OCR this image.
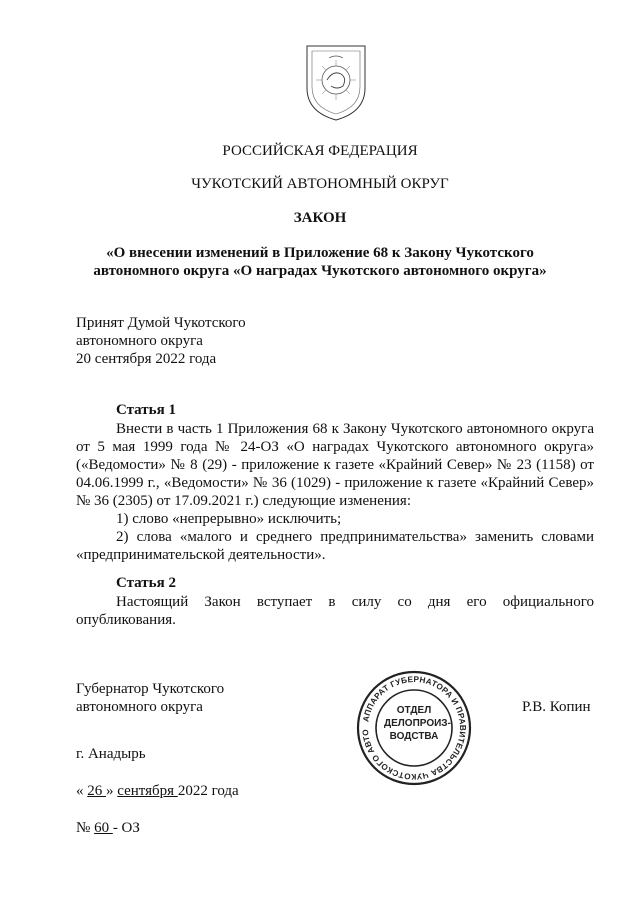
РОССИЙСКАЯ ФЕДЕРАЦИЯ
ЧУКОТСКИЙ АВТОНОМНЫЙ ОКРУГ
ЗАКОН
«О внесении изменений в Приложение 68 к Закону Чукотского
автономного округа «О наградах Чукотского автономного округа»
Принят Думой Чукотского
автономного округа
20 сентября 2022 года
Статья 1
Внести в часть 1 Приложения 68 к Закону Чукотского автономного округа от 5 мая 1999 года № 24-ОЗ «О наградах Чукотского автономного округа» («Ведомости» № 8 (29) - приложение к газете «Крайний Север» № 23 (1158) от 04.06.1999 г., «Ведомости» № 36 (1029) - приложение к газете «Крайний Север» № 36 (2305) от 17.09.2021 г.) следующие изменения:
1) слово «непрерывно» исключить;
2) слова «малого и среднего предпринимательства» заменить словами «предпринимательской деятельности».
Статья 2
Настоящий Закон вступает в силу со дня его официального опубликования.
Губернатор Чукотского
автономного округа	Р.В. Копин
АППАРАТ ГУБЕРНАТОРА И ПРАВИТЕЛЬСТВА ЧУКОТСКОГО АВТО
ОТДЕЛ
ДЕЛОПРОИЗ-
ВОДСТВА
г. Анадырь
« 26 » сентября 2022 года
№ 60 - ОЗ
